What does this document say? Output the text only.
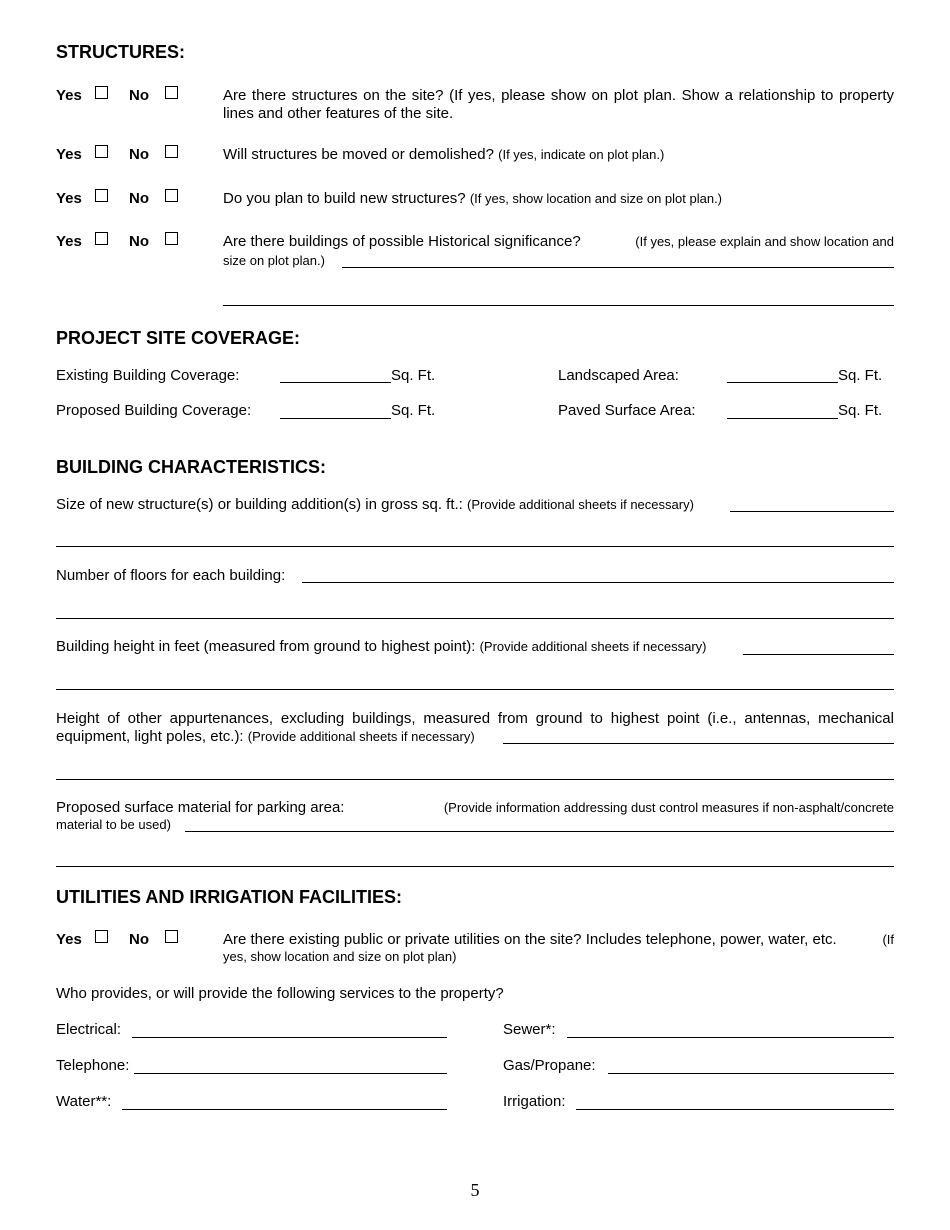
STRUCTURES:
Yes	No	Are there structures on the site? (If yes, please show on plot plan. Show a relationship to property lines and other features of the site.
Yes	No	Will structures be moved or demolished? (If yes, indicate on plot plan.)
Yes	No	Do you plan to build new structures? (If yes, show location and size on plot plan.)
Yes	No	Are there buildings of possible Historical significance?	(If yes, please explain and show location and
size on plot plan.)
PROJECT SITE COVERAGE:
Existing Building Coverage:	Sq. Ft.	Landscaped Area:	Sq. Ft.
Proposed Building Coverage:	Sq. Ft.	Paved Surface Area:	Sq. Ft.
BUILDING CHARACTERISTICS:
Size of new structure(s) or building addition(s) in gross sq. ft.: (Provide additional sheets if necessary)
Number of floors for each building:
Building height in feet (measured from ground to highest point): (Provide additional sheets if necessary)
Height of other appurtenances, excluding buildings, measured from ground to highest point (i.e., antennas, mechanical
equipment, light poles, etc.): (Provide additional sheets if necessary)
Proposed surface material for parking area:	(Provide information addressing dust control measures if non-asphalt/concrete
material to be used)
UTILITIES AND IRRIGATION FACILITIES:
Yes	No	Are there existing public or private utilities on the site? Includes telephone, power, water, etc.	(If
yes, show location and size on plot plan)
Who provides, or will provide the following services to the property?
Electrical:	Sewer*:
Telephone:	Gas/Propane:
Water**:	Irrigation:
5
